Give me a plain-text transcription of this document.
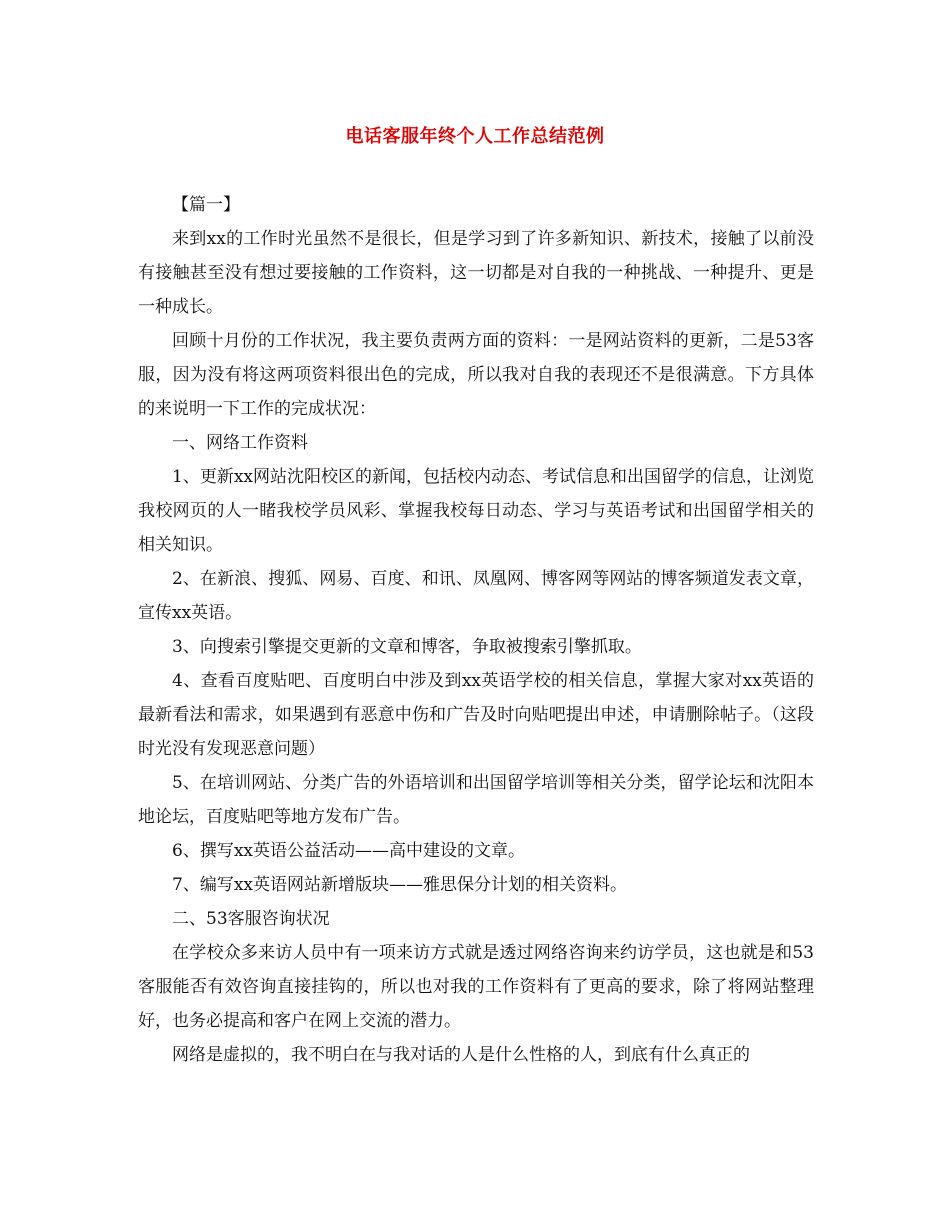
电话客服年终个人工作总结范例

【篇一】

来到xx的工作时光虽然不是很长，但是学习到了许多新知识、新技术，接触了以前没有接触甚至没有想过要接触的工作资料，这一切都是对自我的一种挑战、一种提升、更是一种成长。

回顾十月份的工作状况，我主要负责两方面的资料：一是网站资料的更新，二是53客服，因为没有将这两项资料很出色的完成，所以我对自我的表现还不是很满意。下方具体的来说明一下工作的完成状况：

一、网络工作资料

1、更新xx网站沈阳校区的新闻，包括校内动态、考试信息和出国留学的信息，让浏览我校网页的人一睹我校学员风彩、掌握我校每日动态、学习与英语考试和出国留学相关的相关知识。

2、在新浪、搜狐、网易、百度、和讯、凤凰网、博客网等网站的博客频道发表文章，宣传xx英语。

3、向搜索引擎提交更新的文章和博客，争取被搜索引擎抓取。

4、查看百度贴吧、百度明白中涉及到xx英语学校的相关信息，掌握大家对xx英语的最新看法和需求，如果遇到有恶意中伤和广告及时向贴吧提出申述，申请删除帖子。（这段时光没有发现恶意问题）

5、在培训网站、分类广告的外语培训和出国留学培训等相关分类，留学论坛和沈阳本地论坛，百度贴吧等地方发布广告。

6、撰写xx英语公益活动——高中建设的文章。

7、编写xx英语网站新增版块——雅思保分计划的相关资料。

二、53客服咨询状况

在学校众多来访人员中有一项来访方式就是透过网络咨询来约访学员，这也就是和53客服能否有效咨询直接挂钩的，所以也对我的工作资料有了更高的要求，除了将网站整理好，也务必提高和客户在网上交流的潜力。

网络是虚拟的，我不明白在与我对话的人是什么性格的人，到底有什么真正的
